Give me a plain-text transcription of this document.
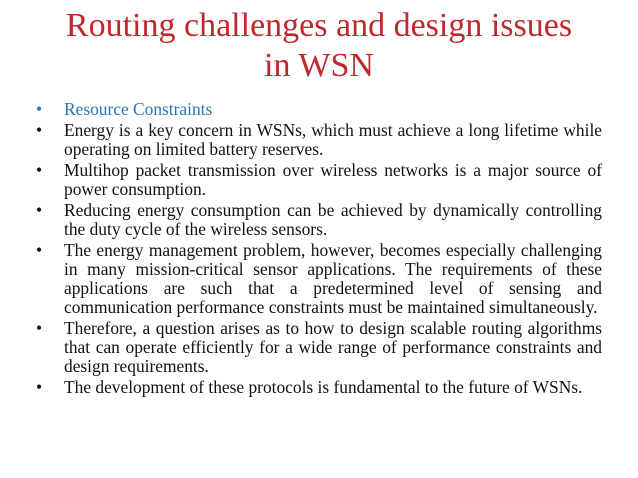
Routing challenges and design issues
in WSN
•	Resource Constraints
•	Energy is a key concern in WSNs, which must achieve a long lifetime while operating on limited battery reserves.
•	Multihop packet transmission over wireless networks is a major source of power consumption.
•	Reducing energy consumption can be achieved by dynamically controlling the duty cycle of the wireless sensors.
•	The energy management problem, however, becomes especially challenging in many mission-critical sensor applications. The requirements of these applications are such that a predetermined level of sensing and communication performance constraints must be maintained simultaneously.
•	Therefore, a question arises as to how to design scalable routing algorithms that can operate efficiently for a wide range of performance constraints and design requirements.
•	The development of these protocols is fundamental to the future of WSNs.
